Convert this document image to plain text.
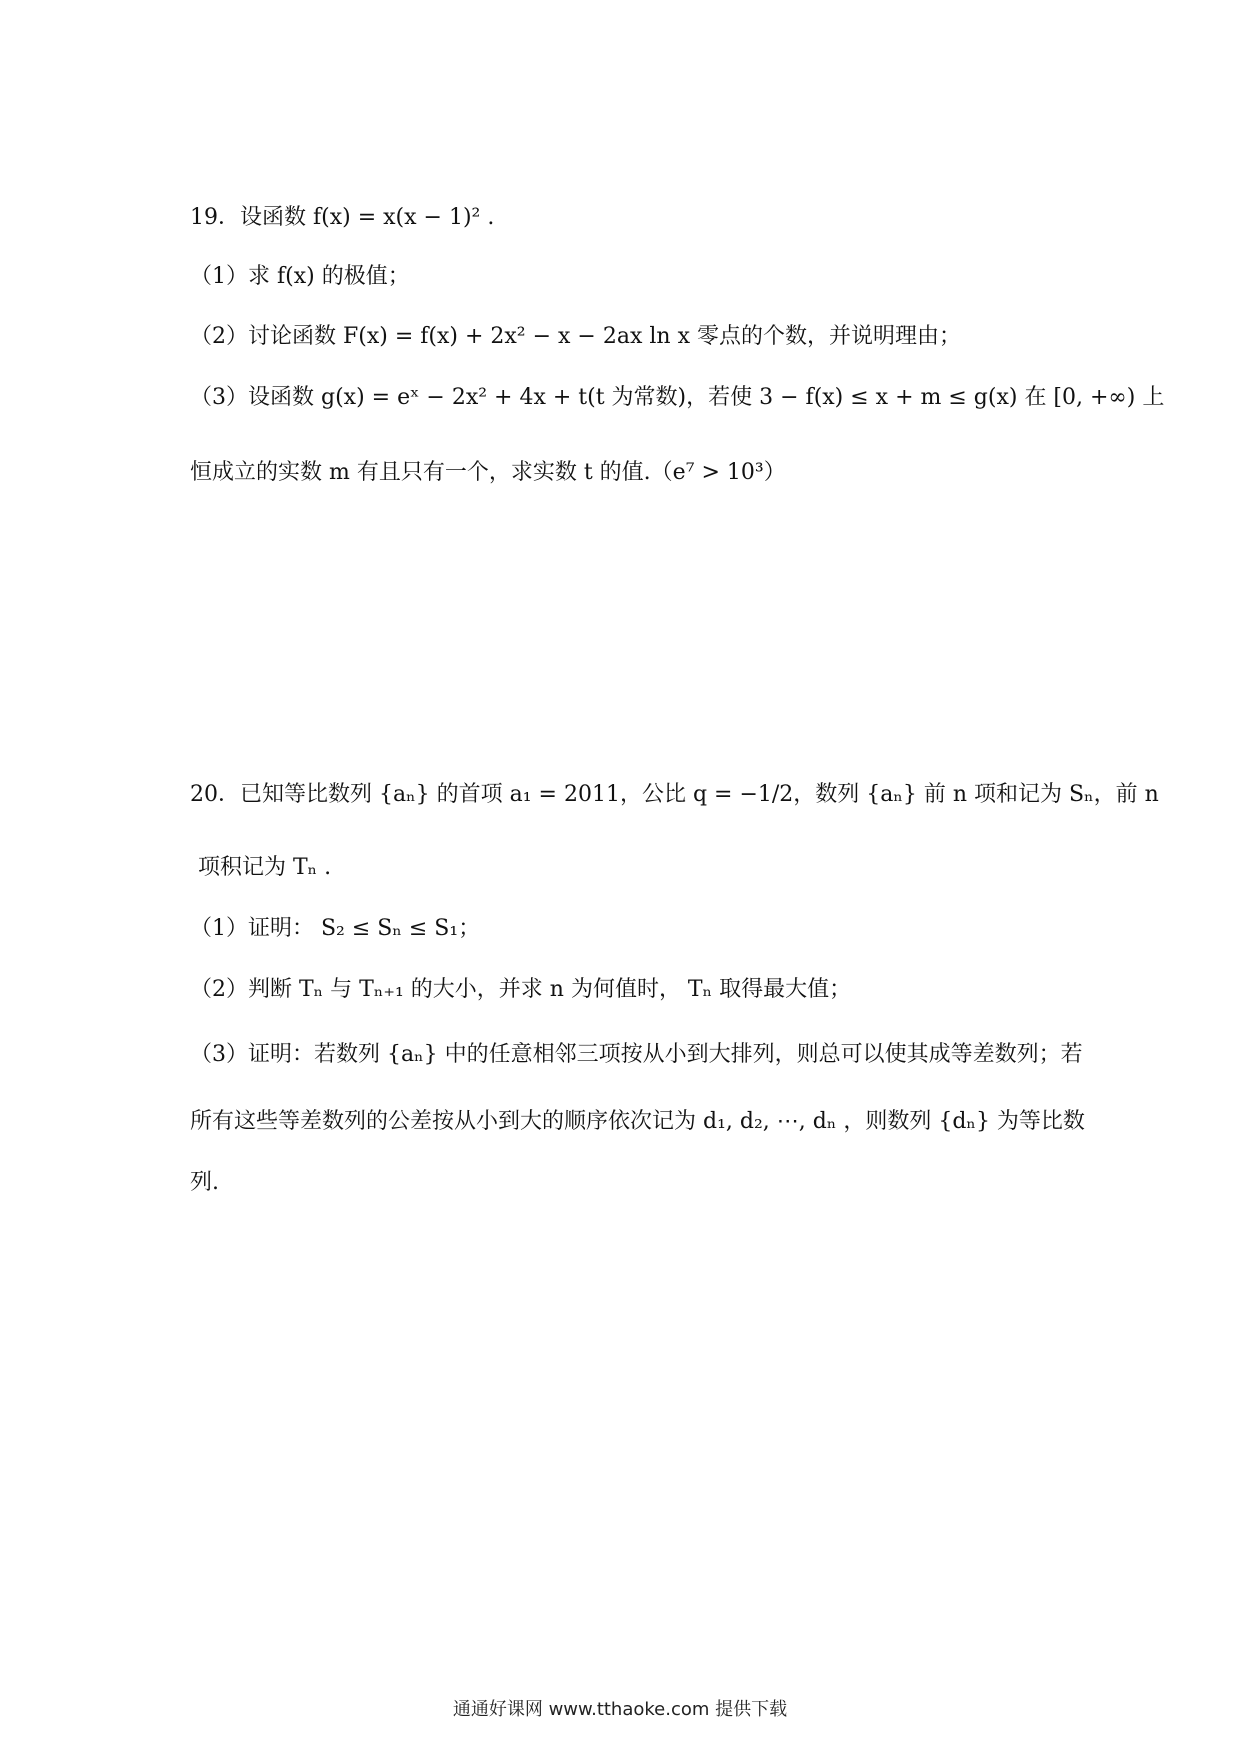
19．设函数 f(x) = x(x − 1)² .
（1）求 f(x) 的极值；
（2）讨论函数 F(x) = f(x) + 2x² − x − 2ax ln x 零点的个数，并说明理由；
（3）设函数 g(x) = eˣ − 2x² + 4x + t(t 为常数)，若使 3 − f(x) ≤ x + m ≤ g(x) 在 [0, +∞) 上
恒成立的实数 m 有且只有一个，求实数 t 的值.（e⁷ > 10³）
20．已知等比数列 {aₙ} 的首项 a₁ = 2011，公比 q = −1/2，数列 {aₙ} 前 n 项和记为 Sₙ，前 n
项积记为 Tₙ .
（1）证明： S₂ ≤ Sₙ ≤ S₁；
（2）判断 Tₙ 与 Tₙ₊₁ 的大小，并求 n 为何值时， Tₙ 取得最大值；
（3）证明：若数列 {aₙ} 中的任意相邻三项按从小到大排列，则总可以使其成等差数列；若
所有这些等差数列的公差按从小到大的顺序依次记为 d₁, d₂, ⋯, dₙ ，则数列 {dₙ} 为等比数
列.
通通好课网 www.tthaoke.com 提供下载
